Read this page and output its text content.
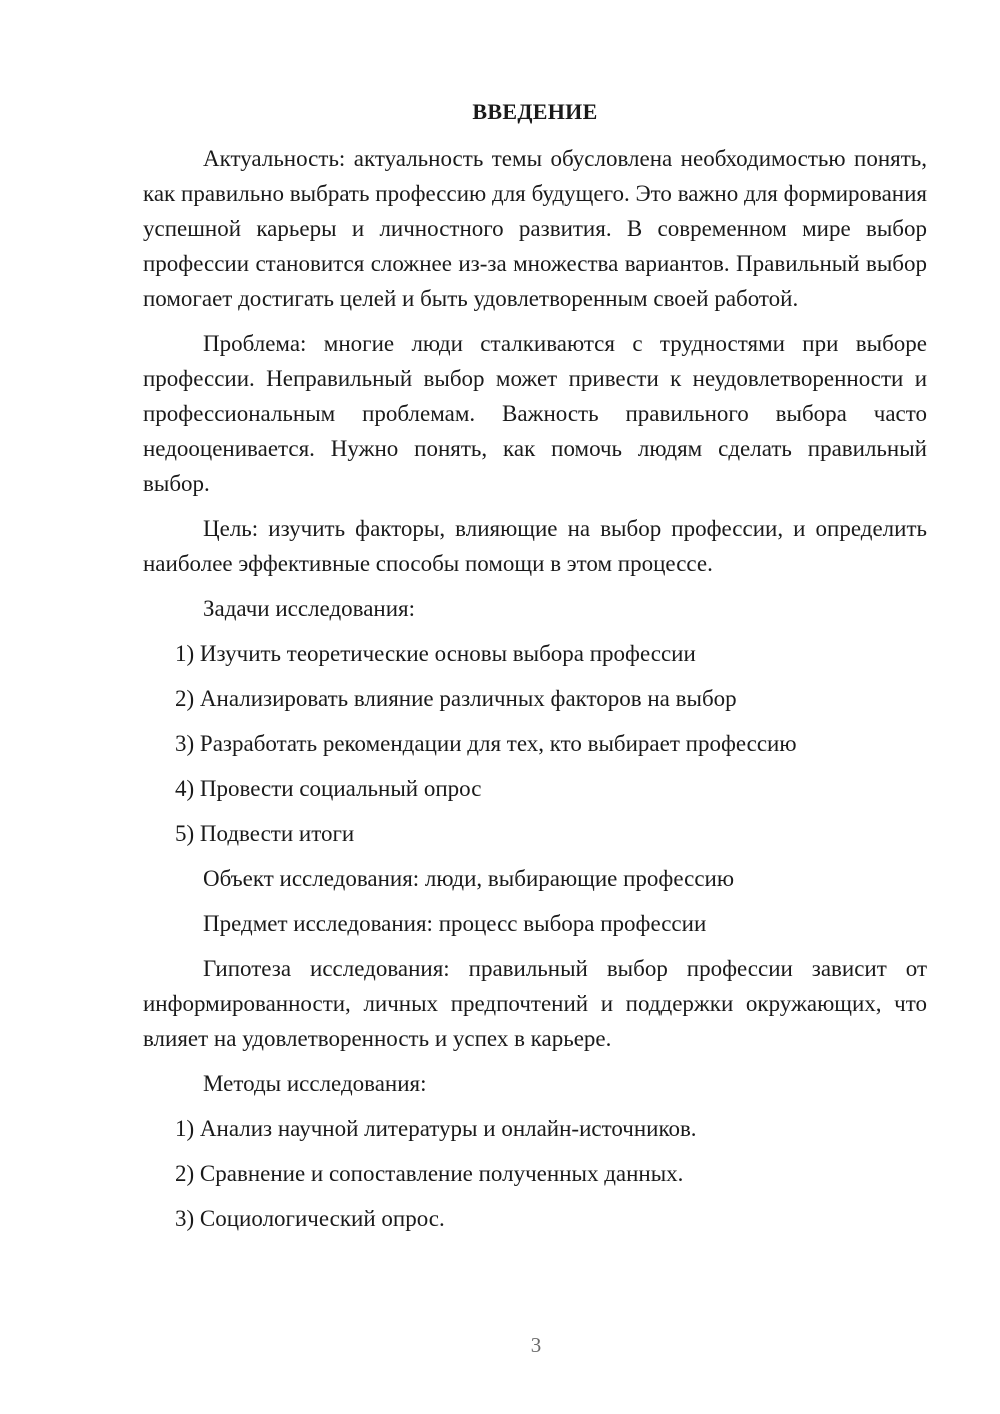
ВВЕДЕНИЕ
Актуальность: актуальность темы обусловлена необходимостью понять, как правильно выбрать профессию для будущего. Это важно для формирования успешной карьеры и личностного развития. В современном мире выбор профессии становится сложнее из-за множества вариантов. Правильный выбор помогает достигать целей и быть удовлетворенным своей работой.
Проблема: многие люди сталкиваются с трудностями при выборе профессии. Неправильный выбор может привести к неудовлетворенности и профессиональным проблемам. Важность правильного выбора часто недооценивается. Нужно понять, как помочь людям сделать правильный выбор.
Цель: изучить факторы, влияющие на выбор профессии, и определить наиболее эффективные способы помощи в этом процессе.
Задачи исследования:
1) Изучить теоретические основы выбора профессии
2) Анализировать влияние различных факторов на выбор
3) Разработать рекомендации для тех, кто выбирает профессию
4) Провести социальный опрос
5) Подвести итоги
Объект исследования: люди, выбирающие профессию
Предмет исследования: процесс выбора профессии
Гипотеза исследования: правильный выбор профессии зависит от информированности, личных предпочтений и поддержки окружающих, что влияет на удовлетворенность и успех в карьере.
Методы исследования:
1) Анализ научной литературы и онлайн-источников.
2) Сравнение и сопоставление полученных данных.
3) Социологический опрос.
3
